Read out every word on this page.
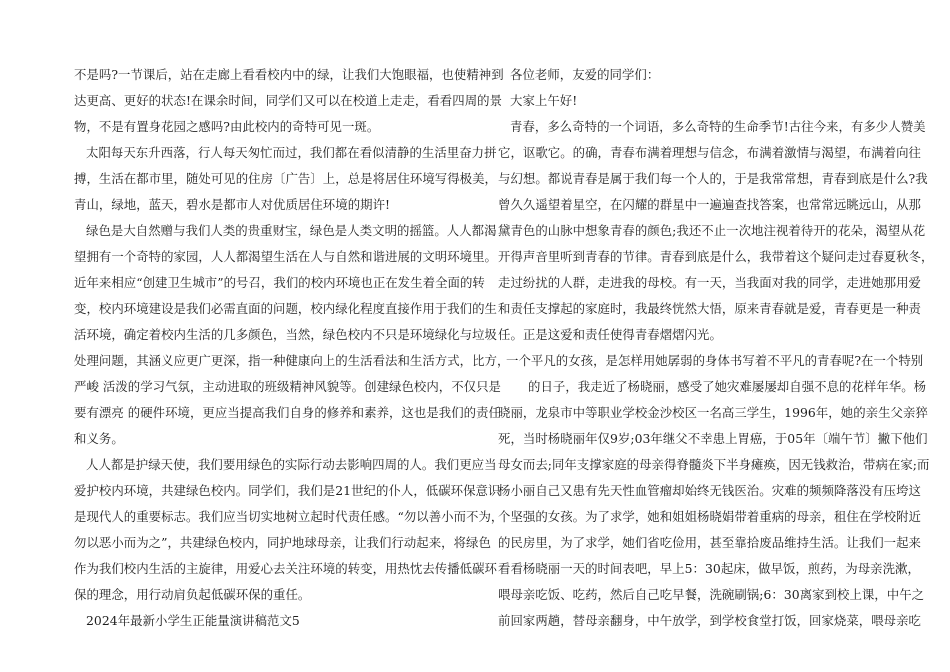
不是吗?一节课后，站在走廊上看看校内中的绿，让我们大饱眼福，也使精神到
达更高、更好的状态!在课余时间，同学们又可以在校道上走走，看看四周的景
物，不是有置身花园之感吗?由此校内的奇特可见一斑。
太阳每天东升西落，行人每天匆忙而过，我们都在看似清静的生活里奋力拼
搏，生活在都市里，随处可见的住房〔广告〕上，总是将居住环境写得极美，
青山，绿地，蓝天，碧水是都市人对优质居住环境的期许!
绿色是大自然赠与我们人类的贵重财宝，绿色是人类文明的摇篮。人人都渴
望拥有一个奇特的家园，人人都渴望生活在人与自然和谐进展的文明环境里。
近年来相应“创建卫生城市”的号召，我们的校内环境也正在发生着全面的转
变，校内环境建设是我们必需直面的问题，校内绿化程度直接作用于我们的生
活环境，确定着校内生活的几多颜色，当然，绿色校内不只是环境绿化与垃圾
处理问题，其涵义应更广更深，指一种健康向上的生活看法和生活方式，比方，
严峻 活泼的学习气氛，主动进取的班级精神风貌等。创建绿色校内，不仅只是
要有漂亮 的硬件环境，更应当提高我们自身的修养和素养，这也是我们的责任
和义务。
人人都是护绿天使，我们要用绿色的实际行动去影响四周的人。我们更应当
爱护校内环境，共建绿色校内。同学们，我们是21世纪的仆人，低碳环保意识
是现代人的重要标志。我们应当切实地树立起时代责任感。“勿以善小而不为，
勿以恶小而为之”，共建绿色校内，同护地球母亲，让我们行动起来，将绿色
作为我们校内生活的主旋律，用爱心去关注环境的转变，用热忱去传播低碳环
保的理念，用行动肩负起低碳环保的重任。
2024年最新小学生正能量演讲稿范文5
各位老师，友爱的同学们：
大家上午好!
青春，多么奇特的一个词语，多么奇特的生命季节!古往今来，有多少人赞美
它，讴歌它。的确，青春布满着理想与信念，布满着激情与渴望，布满着向往
与幻想。都说青春是属于我们每一个人的，于是我常常想，青春到底是什么?我
曾久久遥望着星空，在闪耀的群星中一遍遍查找答案，也常常远眺远山，从那
黛青色的山脉中想象青春的颜色;我还不止一次地注视着待开的花朵，渴望从花
开得声音里听到青春的节律。青春到底是什么，我带着这个疑问走过春夏秋冬，
走过纷扰的人群，走进我的母校。有一天，当我面对我的同学，走进她那用爱
和责任支撑起的家庭时，我最终恍然大悟，原来青春就是爱，青春更是一种责
任。正是这爱和责任使得青春熠熠闪光。
一个平凡的女孩，是怎样用她孱弱的身体书写着不平凡的青春呢?在一个特别
的日子，我走近了杨晓丽，感受了她灾难屡屡却自强不息的花样年华。杨
晓丽，龙泉市中等职业学校金沙校区一名高三学生，1996年，她的亲生父亲猝
死，当时杨晓丽年仅9岁;03年继父不幸患上胃癌，于05年〔端午节〕撇下他们
母女而去;同年支撑家庭的母亲得脊髓炎下半身瘫痪，因无钱救治，带病在家;而
杨小丽自己又患有先天性血管瘤却始终无钱医治。灾难的频频降落没有压垮这
个坚强的女孩。为了求学，她和姐姐杨晓娟带着重病的母亲，租住在学校附近
的民房里，为了求学，她们省吃俭用，甚至靠拾废品维持生活。让我们一起来
看看杨晓丽一天的时间表吧，早上5：30起床，做早饭，煎药，为母亲洗漱，
喂母亲吃饭、吃药，然后自己吃早餐，洗碗刷锅;6：30离家到校上课，中午之
前回家两趟，替母亲翻身，中午放学，到学校食堂打饭，回家烧菜，喂母亲吃
